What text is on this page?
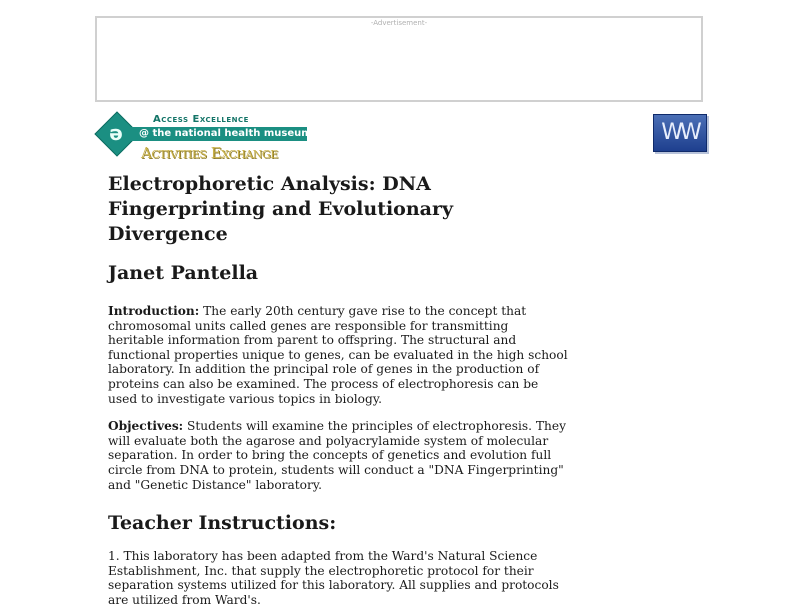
-Advertisement-
ə
Access Excellence
@ the national health museum
Activities Exchange
WW
Electrophoretic Analysis: DNA Fingerprinting and Evolutionary Divergence
Janet Pantella

Introduction: The early 20th century gave rise to the concept that chromosomal units called genes are responsible for transmitting heritable information from parent to offspring. The structural and functional properties unique to genes, can be evaluated in the high school laboratory. In addition the principal role of genes in the production of proteins can also be examined. The process of electrophoresis can be used to investigate various topics in biology.

Objectives: Students will examine the principles of electrophoresis. They will evaluate both the agarose and polyacrylamide system of molecular separation. In order to bring the concepts of genetics and evolution full circle from DNA to protein, students will conduct a "DNA Fingerprinting" and "Genetic Distance" laboratory.

Teacher Instructions:

1. This laboratory has been adapted from the Ward's Natural Science Establishment, Inc. that supply the electrophoretic protocol for their separation systems utilized for this laboratory. All supplies and protocols are utilized from Ward's.
